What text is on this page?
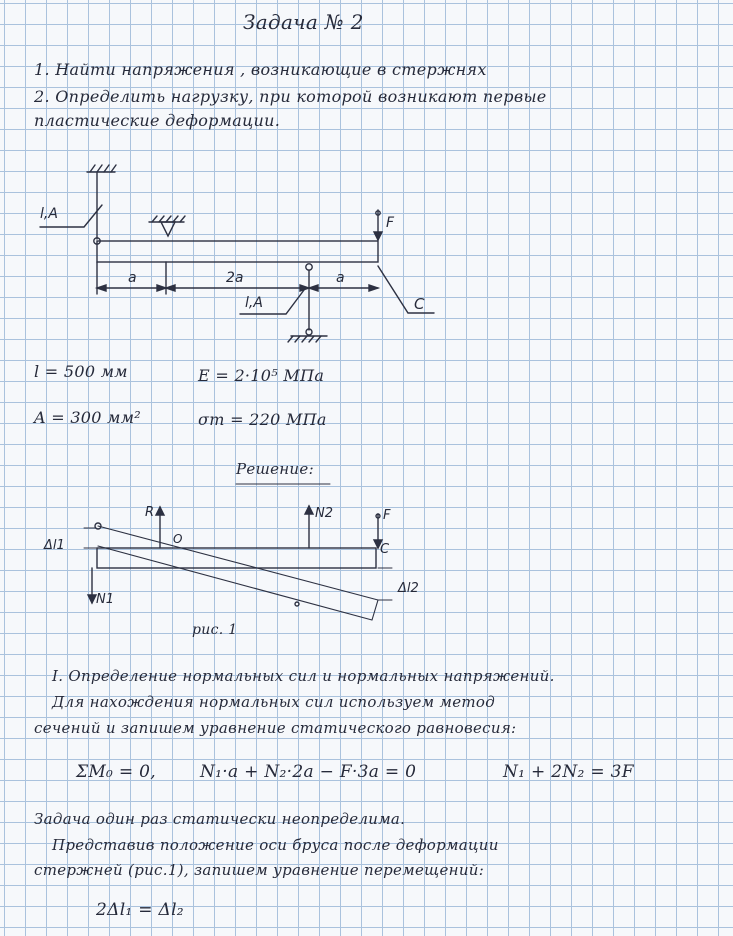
Задача № 2
1. Найти напряжения , возникающие в стержнях
2. Определить нагрузку, при которой возникают первые
пластические деформации.
l,A
l,A
F
C
a	2a	a
l = 500 мм	E = 2·10⁵ МПа
A = 300 мм²	σт = 220 МПа
Решение:
R	N2	F
O
C
N1
Δl1
Δl2
рис. 1
I. Определение нормальных сил и нормальных напряжений.
Для нахождения нормальных сил используем метод
сечений и запишем уравнение статического равновесия:
ΣM₀ = 0,	N₁·a + N₂·2a − F·3a = 0	N₁ + 2N₂ = 3F
Задача один раз статически неопределима.
Представив положение оси бруса после деформации
стержней (рис.1), запишем уравнение перемещений:
2Δl₁ = Δl₂
